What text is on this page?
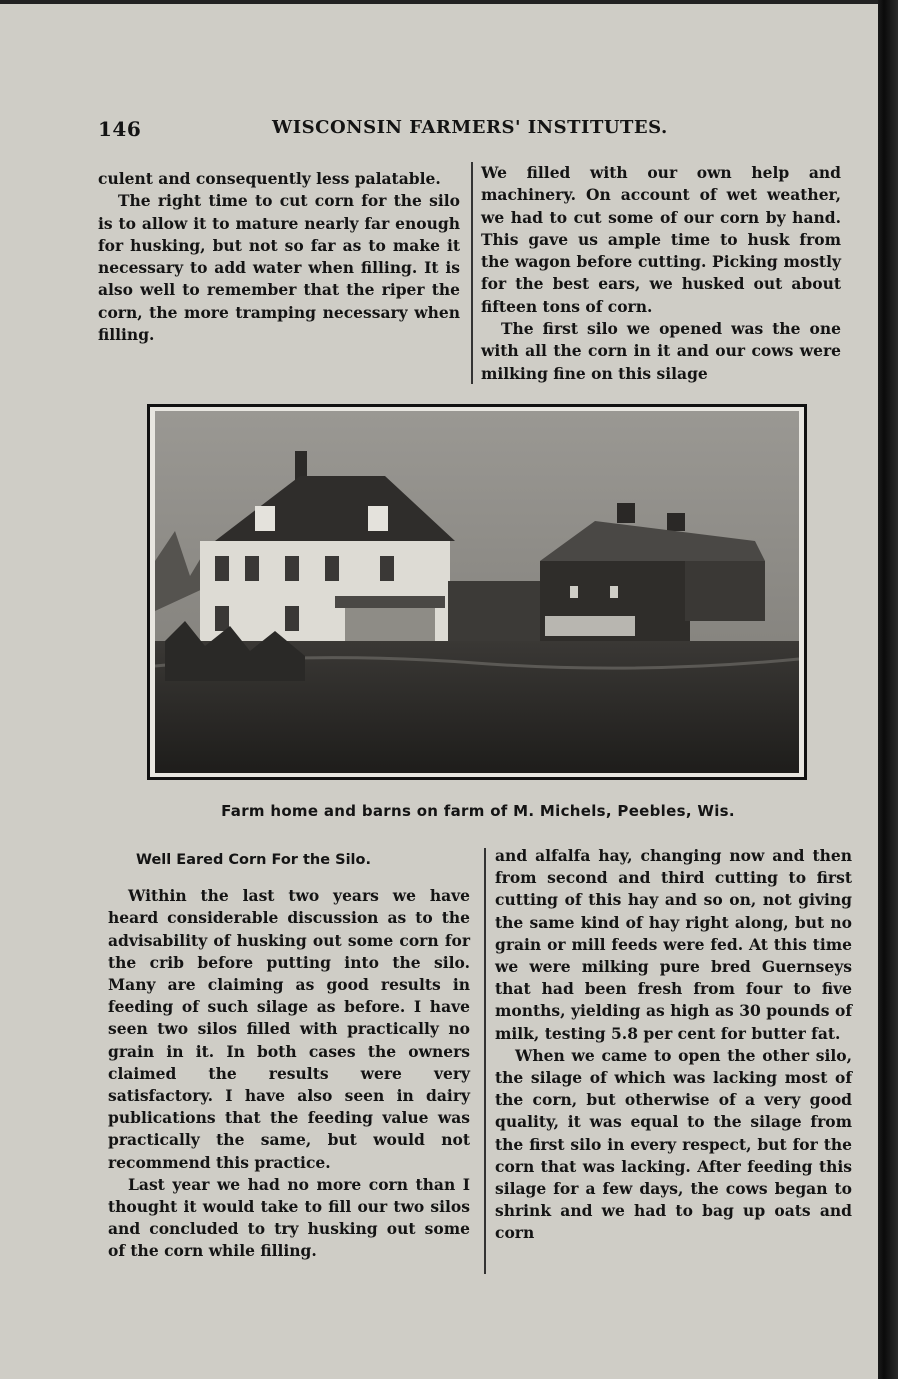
146	WISCONSIN FARMERS' INSTITUTES.

culent and consequently less palatable.

The right time to cut corn for the silo is to allow it to mature nearly far enough for husking, but not so far as to make it necessary to add water when filling. It is also well to remember that the riper the corn, the more tramping necessary when filling.

We filled with our own help and machinery. On account of wet weather, we had to cut some of our corn by hand. This gave us ample time to husk from the wagon before cutting. Picking mostly for the best ears, we husked out about fifteen tons of corn.

The first silo we opened was the one with all the corn in it and our cows were milking fine on this silage

Farm home and barns on farm of M. Michels, Peebles, Wis.

Well Eared Corn For the Silo.

Within the last two years we have heard considerable discussion as to the advisability of husking out some corn for the crib before putting into the silo. Many are claiming as good results in feeding of such silage as before. I have seen two silos filled with practically no grain in it. In both cases the owners claimed the results were very satisfactory. I have also seen in dairy publications that the feeding value was practically the same, but would not recommend this practice.

Last year we had no more corn than I thought it would take to fill our two silos and concluded to try husking out some of the corn while filling.

and alfalfa hay, changing now and then from second and third cutting to first cutting of this hay and so on, not giving the same kind of hay right along, but no grain or mill feeds were fed. At this time we were milking pure bred Guernseys that had been fresh from four to five months, yielding as high as 30 pounds of milk, testing 5.8 per cent for butter fat.

When we came to open the other silo, the silage of which was lacking most of the corn, but otherwise of a very good quality, it was equal to the silage from the first silo in every respect, but for the corn that was lacking. After feeding this silage for a few days, the cows began to shrink and we had to bag up oats and corn
